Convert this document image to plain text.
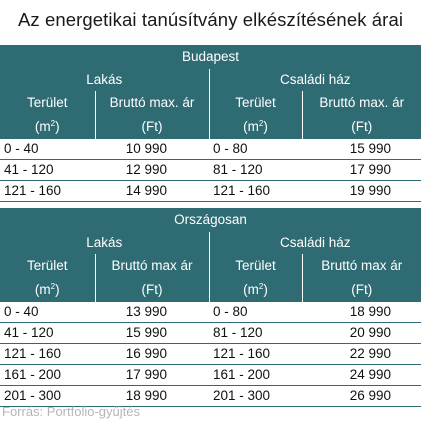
Az energetikai tanúsítvány elkészítésének árai
Budapest			
Lakás		Családi ház	
Terület	Bruttó max. ár	Terület	Bruttó max. ár
$(m^2)$	(Ft)	$(m^2)$	(Ft)
0 - 40	10 990	0 - 80	15 990
41 - 120	12 990	81 - 120	17 990
121 - 160	14 990	121 - 160	19 990
Országosan			
Lakás		Családi ház	
Terület	Bruttó max ár	Terület	Bruttó max ár
$(m^2)$	(Ft)	$(m^2)$	(Ft)
0 - 40	13 990	0 - 80	18 990
41 - 120	15 990	81 - 120	20 990
121 - 160	16 990	121 - 160	22 990
161 - 200	17 990	161 - 200	24 990
201 - 300	18 990	201 - 300	26 990
Forrás: Portfolio-gyűjtés
